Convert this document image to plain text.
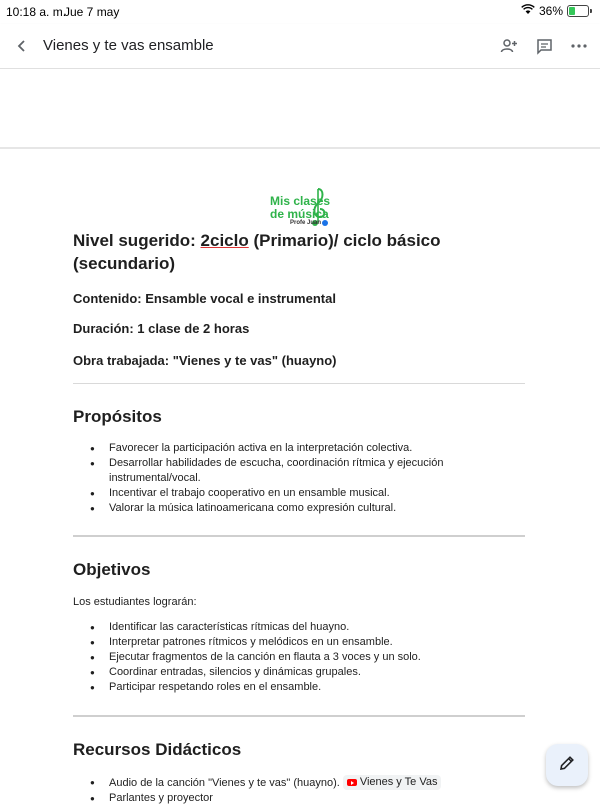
10:18 a. m.
Jue 7 may	36%
Vienes y te vas ensamble
Mis clases
de música
Profe Juan
Nivel sugerido: 2ciclo (Primario)/ ciclo básico (secundario)
Contenido: Ensamble vocal e instrumental
Duración: 1 clase de 2 horas
Obra trabajada: "Vienes y te vas" (huayno)
Propósitos
● Favorecer la participación activa en la interpretación colectiva.
● Desarrollar habilidades de escucha, coordinación rítmica y ejecución instrumental/vocal.
● Incentivar el trabajo cooperativo en un ensamble musical.
● Valorar la música latinoamericana como expresión cultural.
Objetivos
Los estudiantes lograrán:
● Identificar las características rítmicas del huayno.
● Interpretar patrones rítmicos y melódicos en un ensamble.
● Ejecutar fragmentos de la canción en flauta a 3 voces y un solo.
● Coordinar entradas, silencios y dinámicas grupales.
● Participar respetando roles en el ensamble.
Recursos Didácticos
● Audio de la canción "Vienes y te vas" (huayno). Vienes y Te Vas
● Parlantes y proyector
